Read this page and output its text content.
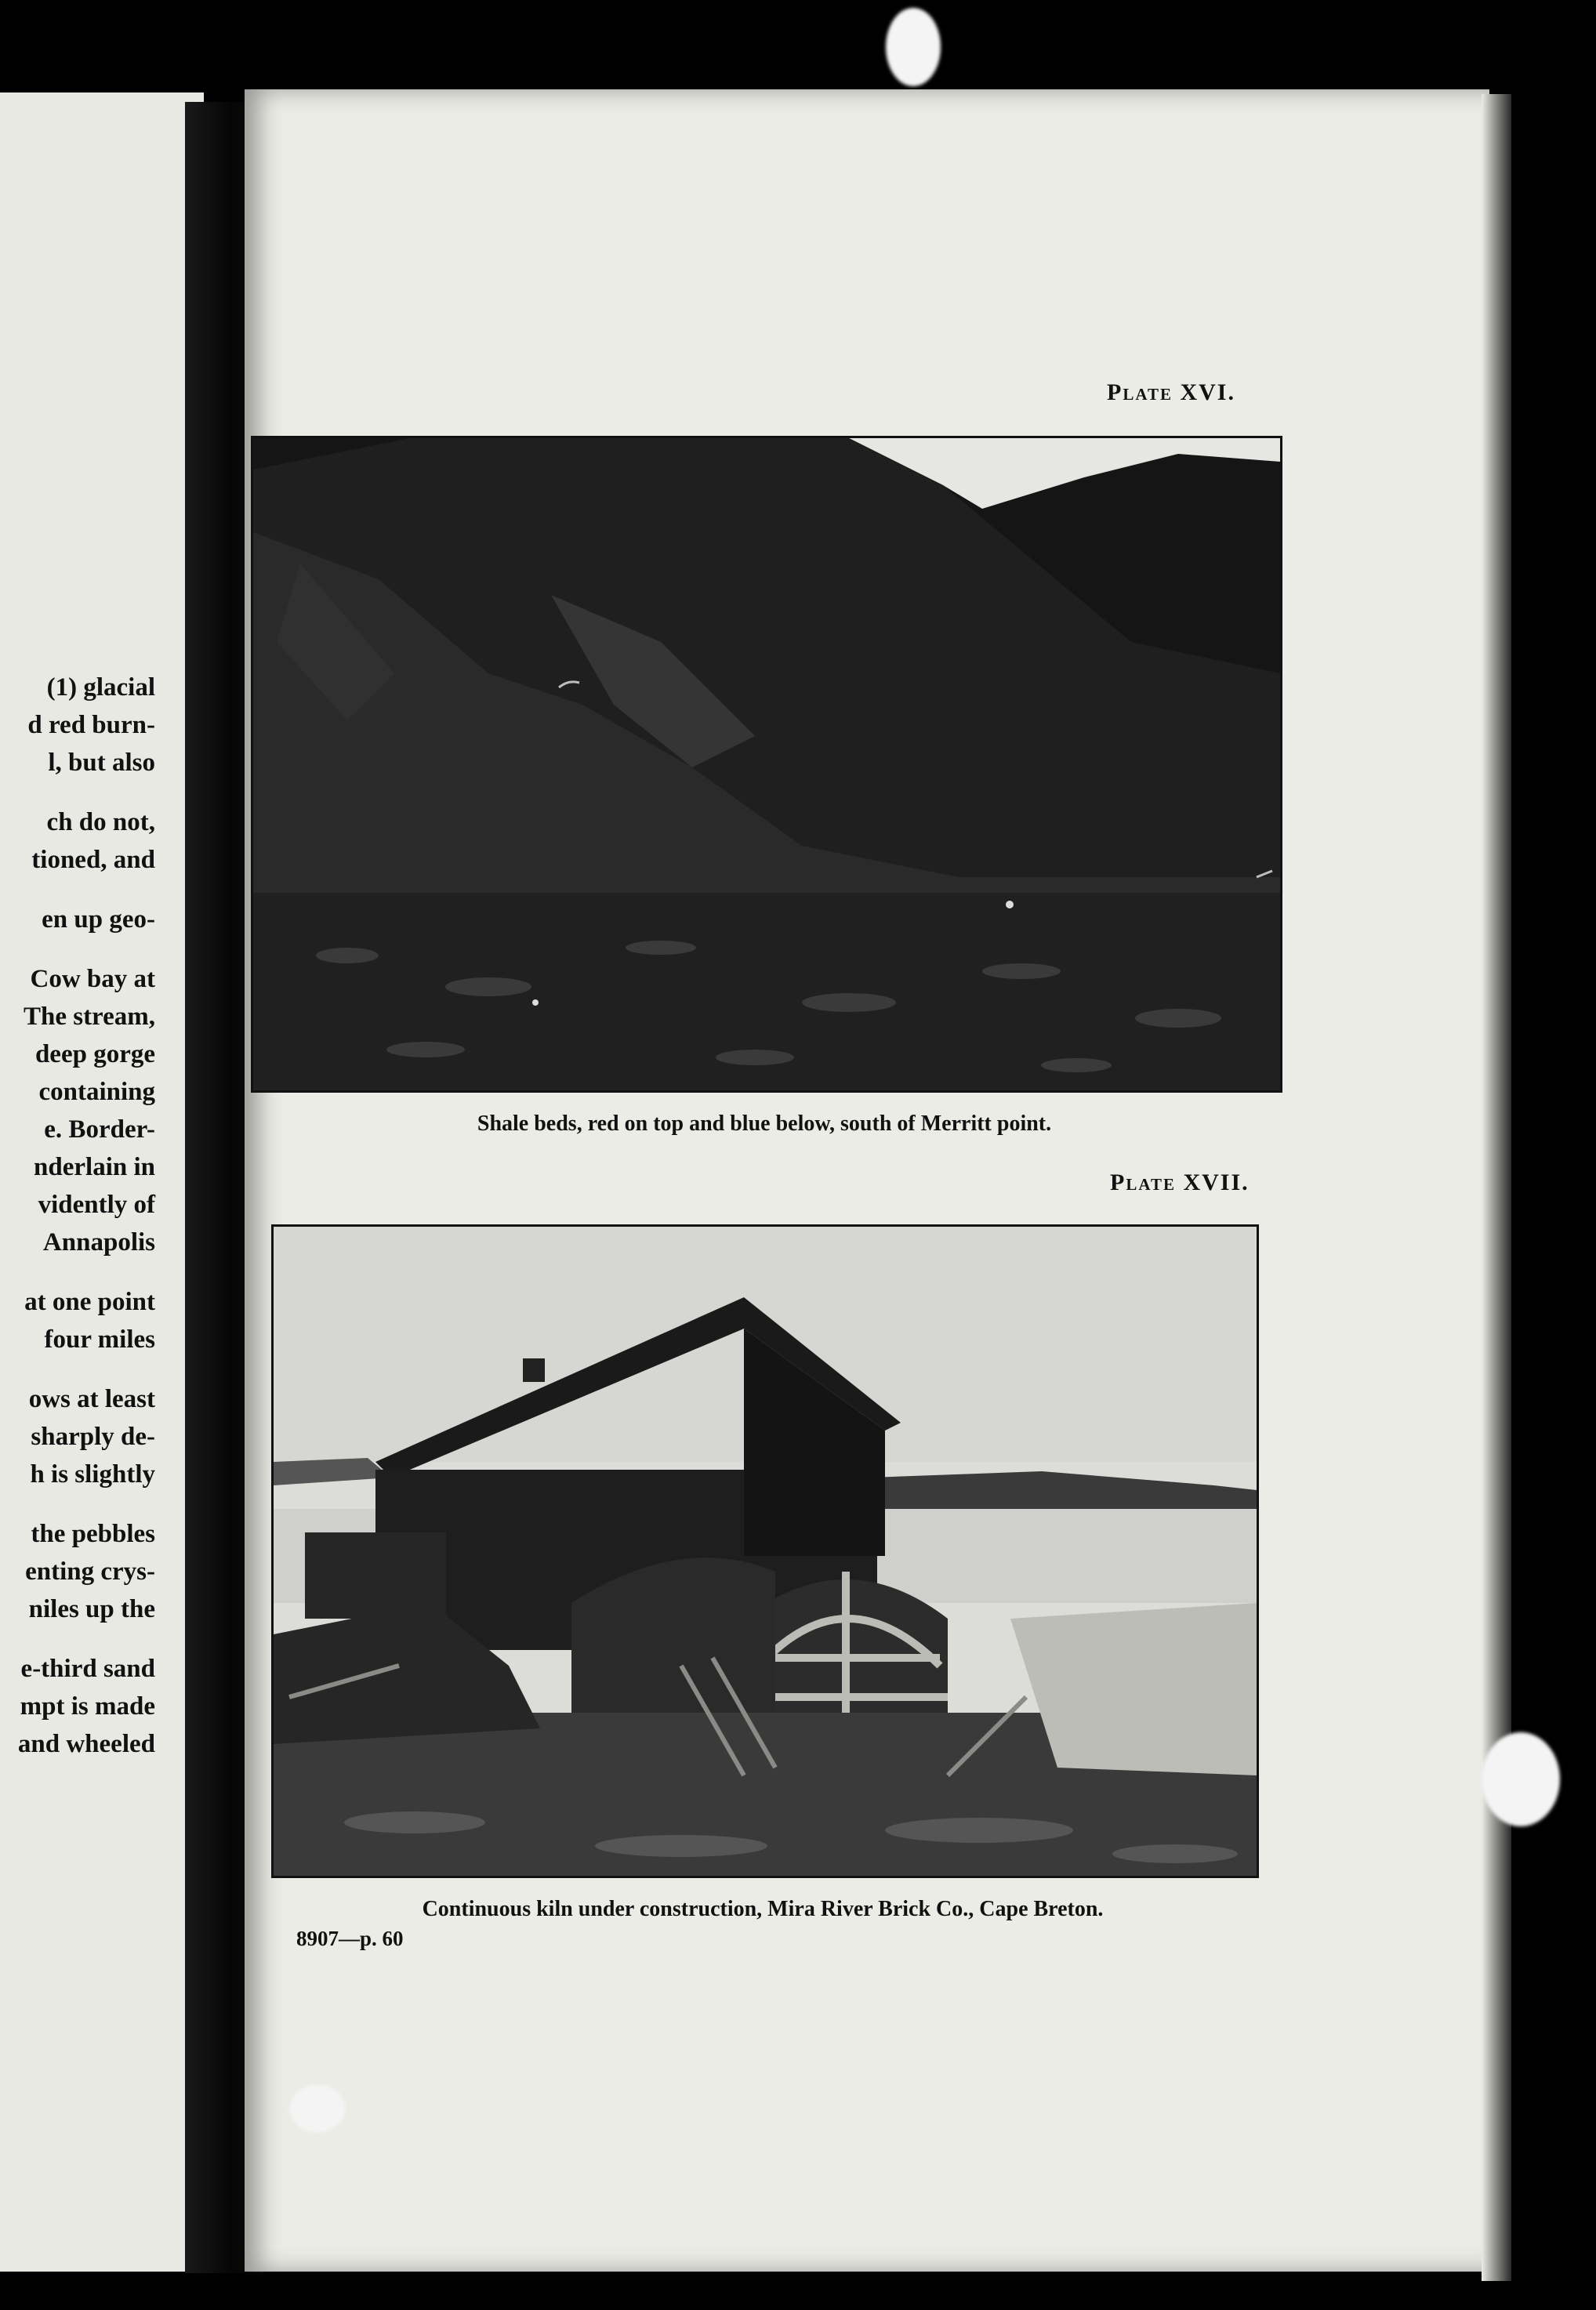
(1) glacial
d red burn-
l, but also
ch do not,
tioned, and
en up geo-
Cow bay at
The stream,
deep gorge
containing
e. Border-
nderlain in
vidently of
Annapolis
at one point
four miles
ows at least
sharply de-
h is slightly
the pebbles
enting crys-
niles up the
e-third sand
mpt is made
and wheeled
Plate XVI.
Shale beds, red on top and blue below, south of Merritt point.
Plate XVII.
Continuous kiln under construction, Mira River Brick Co., Cape Breton.
8907—p. 60
